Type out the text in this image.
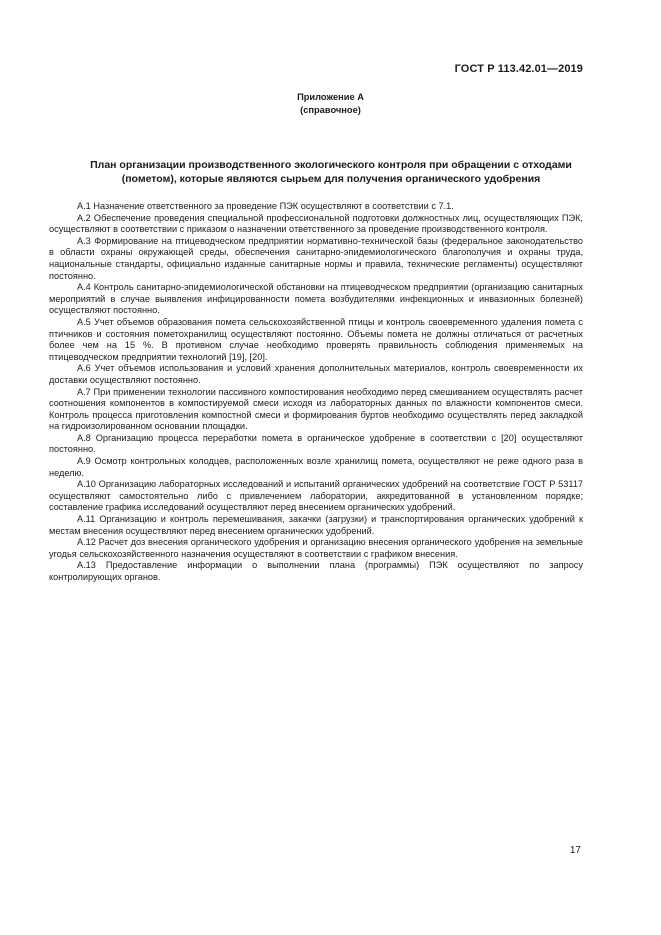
ГОСТ Р 113.42.01—2019
Приложение А
(справочное)
План организации производственного экологического контроля при обращении с отходами (пометом), которые являются сырьем для получения органического удобрения

А.1 Назначение ответственного за проведение ПЭК осуществляют в соответствии с 7.1.

А.2 Обеспечение проведения специальной профессиональной подготовки должностных лиц, осуществляющих ПЭК, осуществляют в соответствии с приказом о назначении ответственного за проведение производственного контроля.

А.3 Формирование на птицеводческом предприятии нормативно-технической базы (федеральное законодательство в области охраны окружающей среды, обеспечения санитарно-эпидемиологического благополучия и охраны труда, национальные стандарты, официально изданные санитарные нормы и правила, технические регламенты) осуществляют постоянно.

А.4 Контроль санитарно-эпидемиологической обстановки на птицеводческом предприятии (организацию санитарных мероприятий в случае выявления инфицированности помета возбудителями инфекционных и инвазионных болезней) осуществляют постоянно.

А.5 Учет объемов образования помета сельскохозяйственной птицы и контроль своевременного удаления помета с птичников и состояния пометохранилищ осуществляют постоянно. Объемы помета не должны отличаться от расчетных более чем на 15 %. В противном случае необходимо проверять правильность соблюдения применяемых на птицеводческом предприятии технологий [19], [20].

А.6 Учет объемов использования и условий хранения дополнительных материалов, контроль своевременности их доставки осуществляют постоянно.

А.7 При применении технологии пассивного компостирования необходимо перед смешиванием осуществлять расчет соотношения компонентов в компостируемой смеси исходя из лабораторных данных по влажности компонентов смеси. Контроль процесса приготовления компостной смеси и формирования буртов необходимо осуществлять перед закладкой на гидроизолированном основании площадки.

А.8 Организацию процесса переработки помета в органическое удобрение в соответствии с [20] осуществляют постоянно.

А.9 Осмотр контрольных колодцев, расположенных возле хранилищ помета, осуществляют не реже одного раза в неделю.

А.10 Организацию лабораторных исследований и испытаний органических удобрений на соответствие ГОСТ Р 53117 осуществляют самостоятельно либо с привлечением лаборатории, аккредитованной в установленном порядке; составление графика исследований осуществляют перед внесением органических удобрений.

А.11 Организацию и контроль перемешивания, закачки (загрузки) и транспортирования органических удобрений к местам внесения осуществляют перед внесением органических удобрений.

А.12 Расчет доз внесения органического удобрения и организацию внесения органического удобрения на земельные угодья сельскохозяйственного назначения осуществляют в соответствии с графиком внесения.

А.13 Предоставление информации о выполнении плана (программы) ПЭК осуществляют по запросу контролирующих органов.

17
